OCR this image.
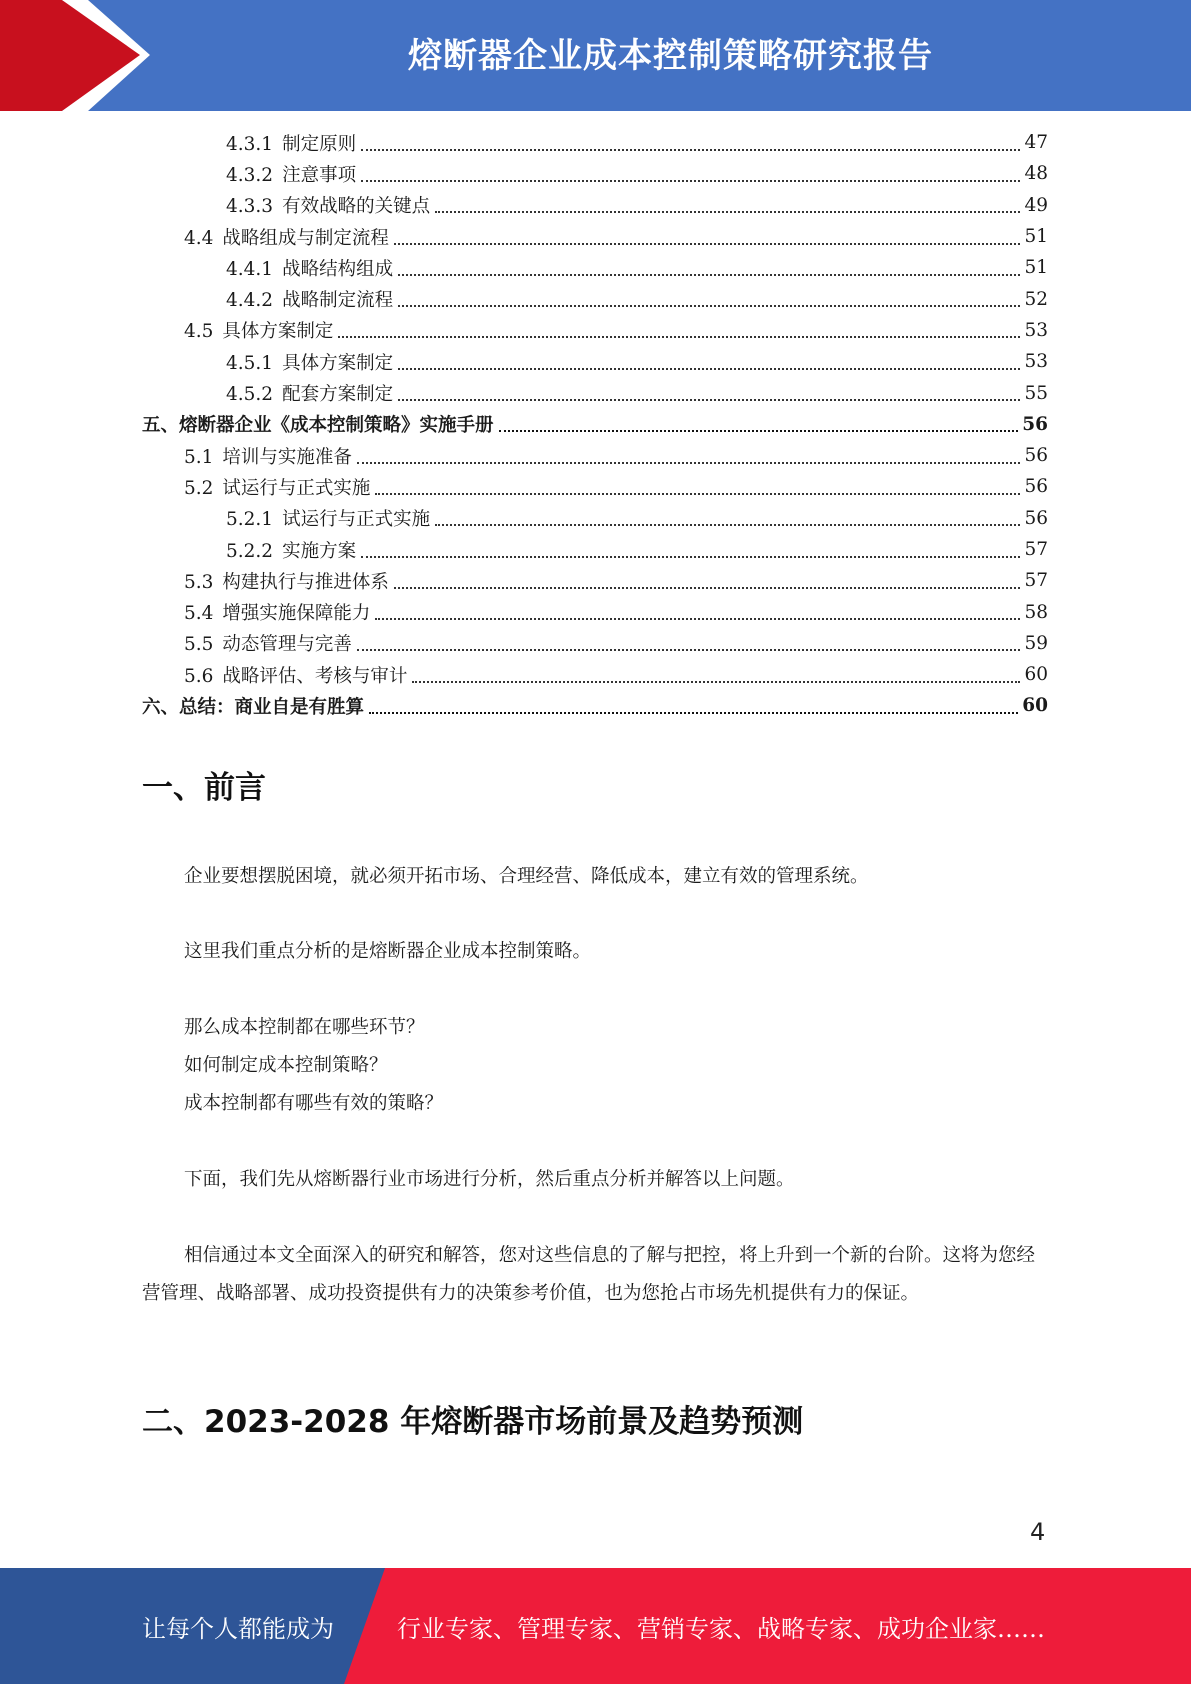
熔断器企业成本控制策略研究报告
4.3.1 制定原则	47
4.3.2 注意事项	48
4.3.3 有效战略的关键点	49
4.4 战略组成与制定流程	51
4.4.1 战略结构组成	51
4.4.2 战略制定流程	52
4.5 具体方案制定	53
4.5.1 具体方案制定	53
4.5.2 配套方案制定	55
五、熔断器企业《成本控制策略》实施手册	56
5.1 培训与实施准备	56
5.2 试运行与正式实施	56
5.2.1 试运行与正式实施	56
5.2.2 实施方案	57
5.3 构建执行与推进体系	57
5.4 增强实施保障能力	58
5.5 动态管理与完善	59
5.6 战略评估、考核与审计	60
六、总结：商业自是有胜算	60
一、前言
企业要想摆脱困境，就必须开拓市场、合理经营、降低成本，建立有效的管理系统。
这里我们重点分析的是熔断器企业成本控制策略。
那么成本控制都在哪些环节？
如何制定成本控制策略？
成本控制都有哪些有效的策略？
下面，我们先从熔断器行业市场进行分析，然后重点分析并解答以上问题。
相信通过本文全面深入的研究和解答，您对这些信息的了解与把控，将上升到一个新的台阶。这将为您经营管理、战略部署、成功投资提供有力的决策参考价值，也为您抢占市场先机提供有力的保证。
二、2023-2028 年熔断器市场前景及趋势预测
4
让每个人都能成为	行业专家、管理专家、营销专家、战略专家、成功企业家……
